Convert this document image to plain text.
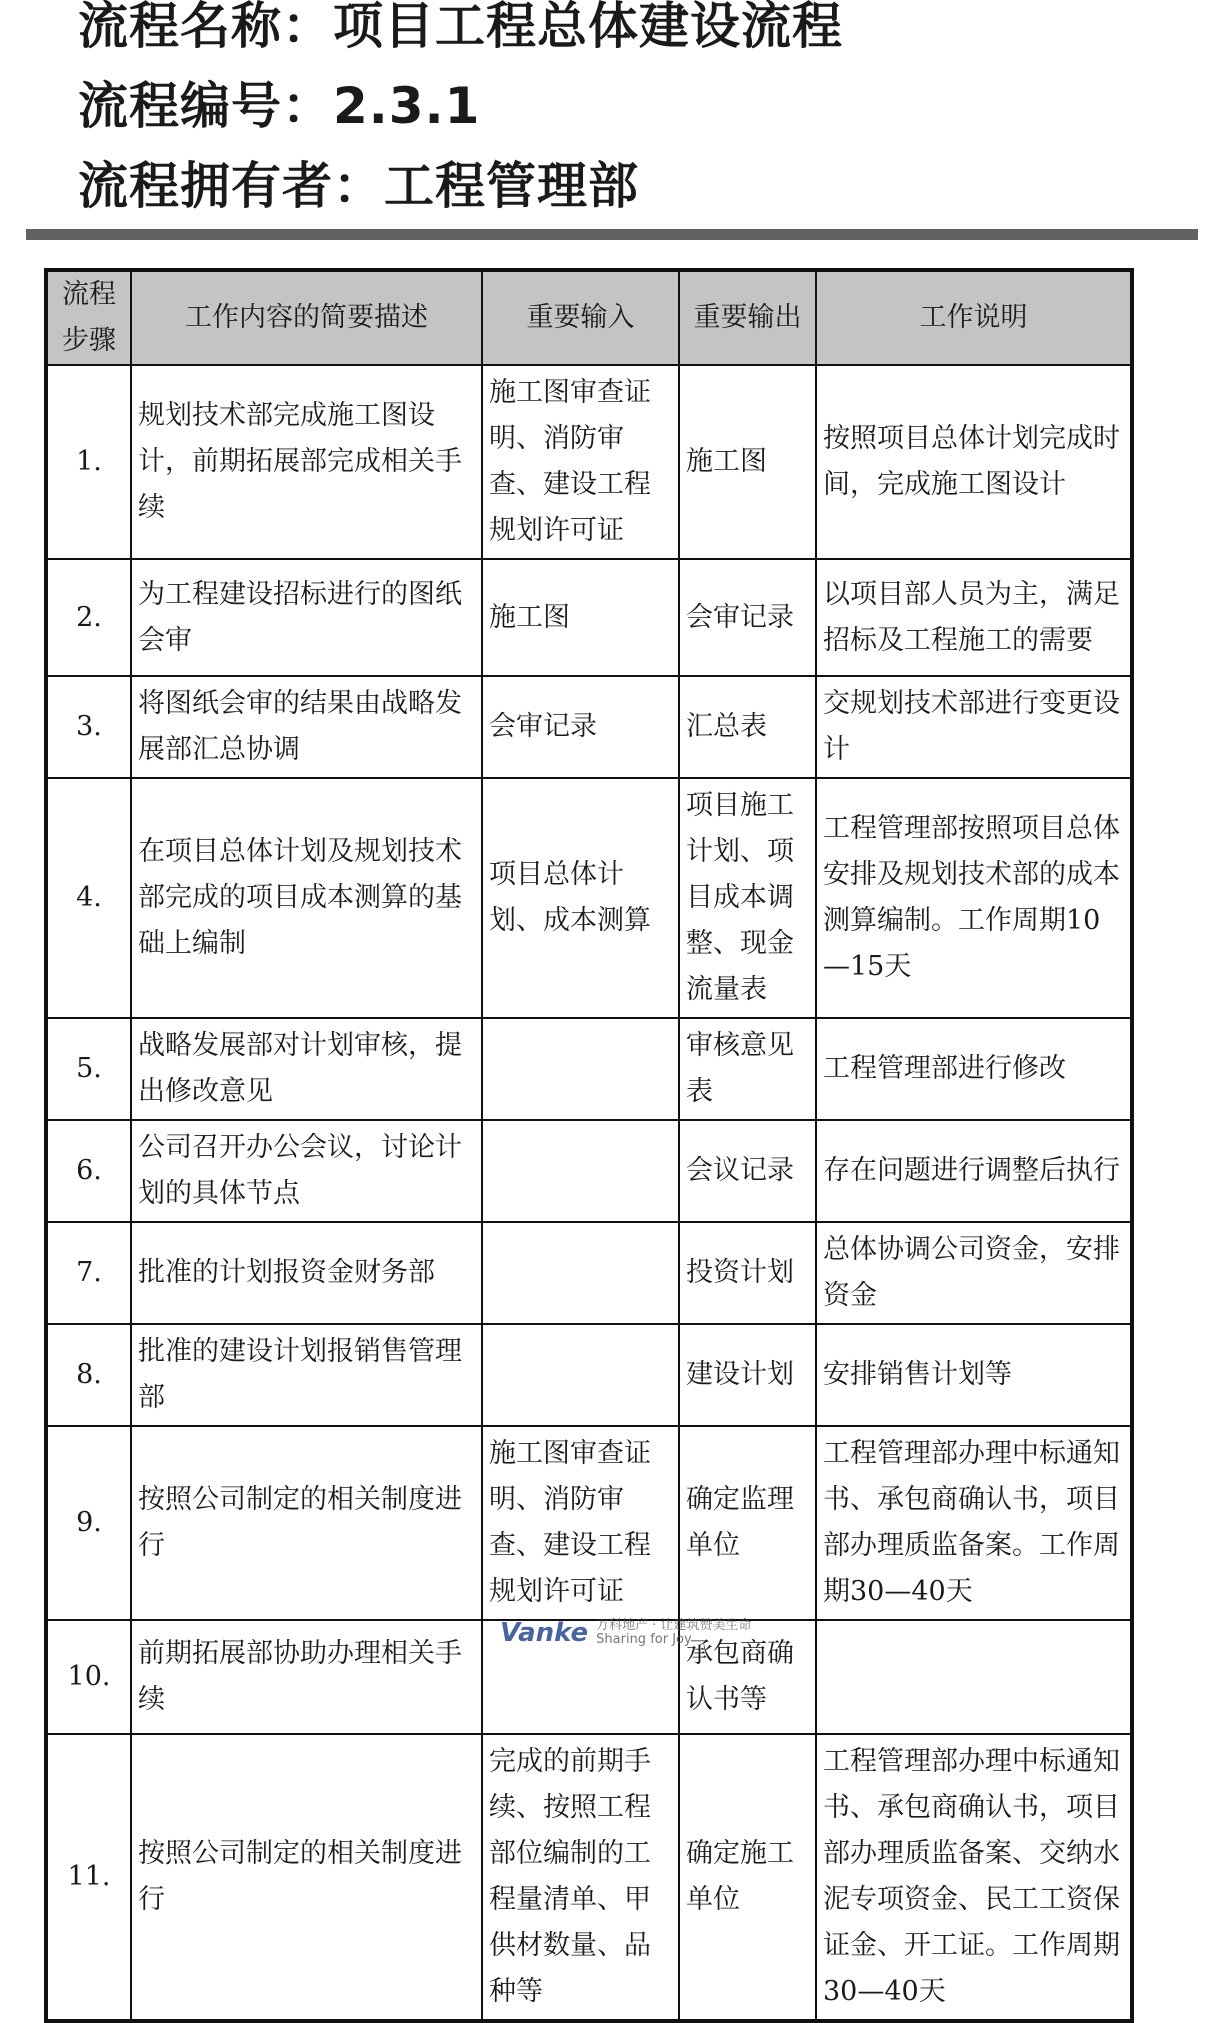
流程名称：项目工程总体建设流程
流程编号：2.3.1
流程拥有者：工程管理部
流程步骤	工作内容的简要描述	重要输入	重要输出	工作说明
1.	规划技术部完成施工图设计，前期拓展部完成相关手续	施工图审查证明、消防审查、建设工程规划许可证	施工图	按照项目总体计划完成时间，完成施工图设计
2.	为工程建设招标进行的图纸会审	施工图	会审记录	以项目部人员为主，满足招标及工程施工的需要
3.	将图纸会审的结果由战略发展部汇总协调	会审记录	汇总表	交规划技术部进行变更设计
4.	在项目总体计划及规划技术部完成的项目成本测算的基础上编制	项目总体计划、成本测算	项目施工计划、项目成本调整、现金流量表	工程管理部按照项目总体安排及规划技术部的成本测算编制。工作周期10—15天
5.	战略发展部对计划审核，提出修改意见		审核意见表	工程管理部进行修改
6.	公司召开办公会议，讨论计划的具体节点		会议记录	存在问题进行调整后执行
7.	批准的计划报资金财务部		投资计划	总体协调公司资金，安排资金
8.	批准的建设计划报销售管理部		建设计划	安排销售计划等
9.	按照公司制定的相关制度进行	施工图审查证明、消防审查、建设工程规划许可证	确定监理单位	工程管理部办理中标通知书、承包商确认书，项目部办理质监备案。工作周期30—40天
10.	前期拓展部协助办理相关手续		承包商确认书等	
11.	按照公司制定的相关制度进行	完成的前期手续、按照工程部位编制的工程量清单、甲供材数量、品种等	确定施工单位	工程管理部办理中标通知书、承包商确认书，项目部办理质监备案、交纳水泥专项资金、民工工资保证金、开工证。工作周期30—40天
Vanke 万科地产 · 让建筑赞美生命
Sharing for Joy
